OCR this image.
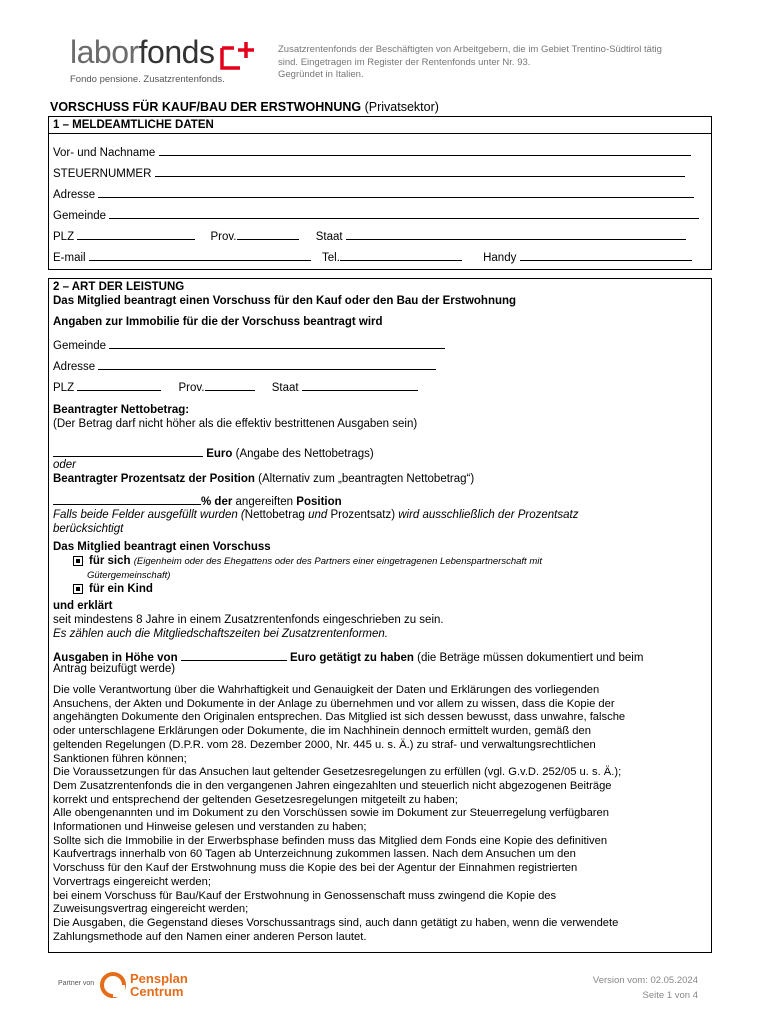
laborfonds
Fondo pensione. Zusatzrentenfonds.
Zusatzrentenfonds der Beschäftigten von Arbeitgebern, die im Gebiet Trentino-Südtirol tätig
sind. Eingetragen im Register der Rentenfonds unter Nr. 93.
Gegründet in Italien.
VORSCHUSS FÜR KAUF/BAU DER ERSTWOHNUNG (Privatsektor)
1 – MELDEAMTLICHE DATEN
Vor- und Nachname
STEUERNUMMER
Adresse
Gemeinde
PLZ	Prov.	Staat
E-mail	Tel.	Handy
2 – ART DER LEISTUNG
Das Mitglied beantragt einen Vorschuss für den Kauf oder den Bau der Erstwohnung
Angaben zur Immobilie für die der Vorschuss beantragt wird
Gemeinde
Adresse
PLZ	Prov.	Staat
Beantragter Nettobetrag:
(Der Betrag darf nicht höher als die effektiv bestrittenen Ausgaben sein)
Euro (Angabe des Nettobetrags)
oder
Beantragter Prozentsatz der Position (Alternativ zum „beantragten Nettobetrag“)
% der angereiften Position
Falls beide Felder ausgefüllt wurden (Nettobetrag und Prozentsatz) wird ausschließlich der Prozentsatz
berücksichtigt
Das Mitglied beantragt einen Vorschuss
für sich (Eigenheim oder des Ehegattens oder des Partners einer eingetragenen Lebenspartnerschaft mit
Gütergemeinschaft)
für ein Kind
und erklärt
seit mindestens 8 Jahre in einem Zusatzrentenfonds eingeschrieben zu sein.
Es zählen auch die Mitgliedschaftszeiten bei Zusatzrentenformen.
Ausgaben in Höhe von	Euro getätigt zu haben (die Beträge müssen dokumentiert und beim
Antrag beizufügt werde)
Die volle Verantwortung über die Wahrhaftigkeit und Genauigkeit der Daten und Erklärungen des vorliegenden
Ansuchens, der Akten und Dokumente in der Anlage zu übernehmen und vor allem zu wissen, dass die Kopie der
angehängten Dokumente den Originalen entsprechen. Das Mitglied ist sich dessen bewusst, dass unwahre, falsche
oder unterschlagene Erklärungen oder Dokumente, die im Nachhinein dennoch ermittelt wurden, gemäß den
geltenden Regelungen (D.P.R. vom 28. Dezember 2000, Nr. 445 u. s. Ä.) zu straf- und verwaltungsrechtlichen
Sanktionen führen können;
Die Voraussetzungen für das Ansuchen laut geltender Gesetzesregelungen zu erfüllen (vgl. G.v.D. 252/05 u. s. Ä.);
Dem Zusatzrentenfonds die in den vergangenen Jahren eingezahlten und steuerlich nicht abgezogenen Beiträge
korrekt und entsprechend der geltenden Gesetzesregelungen mitgeteilt zu haben;
Alle obengenannten und im Dokument zu den Vorschüssen sowie im Dokument zur Steuerregelung verfügbaren
Informationen und Hinweise gelesen und verstanden zu haben;
Sollte sich die Immobilie in der Erwerbsphase befinden muss das Mitglied dem Fonds eine Kopie des definitiven
Kaufvertrags innerhalb von 60 Tagen ab Unterzeichnung zukommen lassen. Nach dem Ansuchen um den
Vorschuss für den Kauf der Erstwohnung muss die Kopie des bei der Agentur der Einnahmen registrierten
Vorvertrags eingereicht werden;
bei einem Vorschuss für Bau/Kauf der Erstwohnung in Genossenschaft muss zwingend die Kopie des
Zuweisungsvertrag eingereicht werden;
Die Ausgaben, die Gegenstand dieses Vorschussantrags sind, auch dann getätigt zu haben, wenn die verwendete
Zahlungsmethode auf den Namen einer anderen Person lautet.
Partner von	Pensplan
Centrum
Version vom: 02.05.2024
Seite 1 von 4
